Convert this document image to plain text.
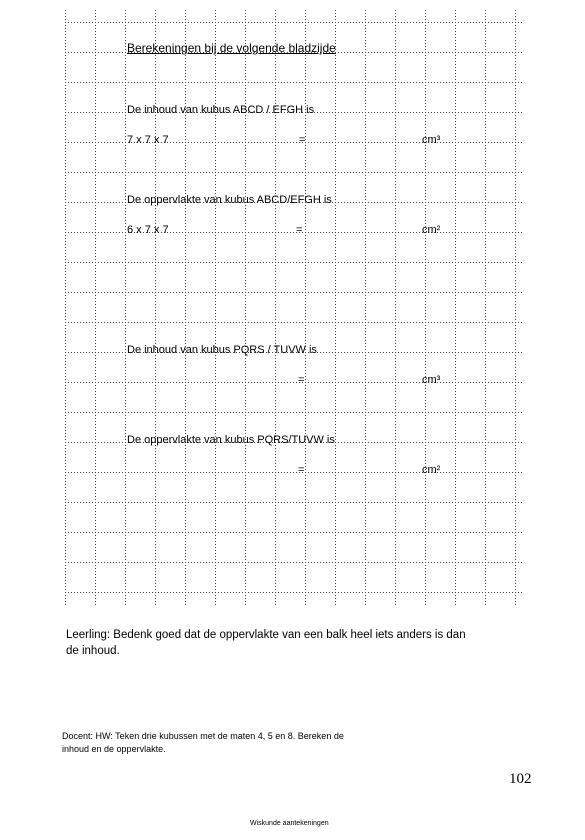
Berekeningen bij de volgende bladzijde
De inhoud van kubus ABCD / EFGH is
7 x 7 x 7	=	cm³
De oppervlakte van kubus ABCD/EFGH is
6 x 7 x 7	=	cm²
De inhoud van kubus PQRS / TUVW is
=	cm³
De oppervlakte van kubus PQRS/TUVW is
=	cm²
Leerling: Bedenk goed dat de oppervlakte van een balk heel iets anders is dan de inhoud.
Docent: HW: Teken drie kubussen met de maten 4, 5 en 8. Bereken de inhoud en de oppervlakte.
102
Wiskunde aantekeningen
